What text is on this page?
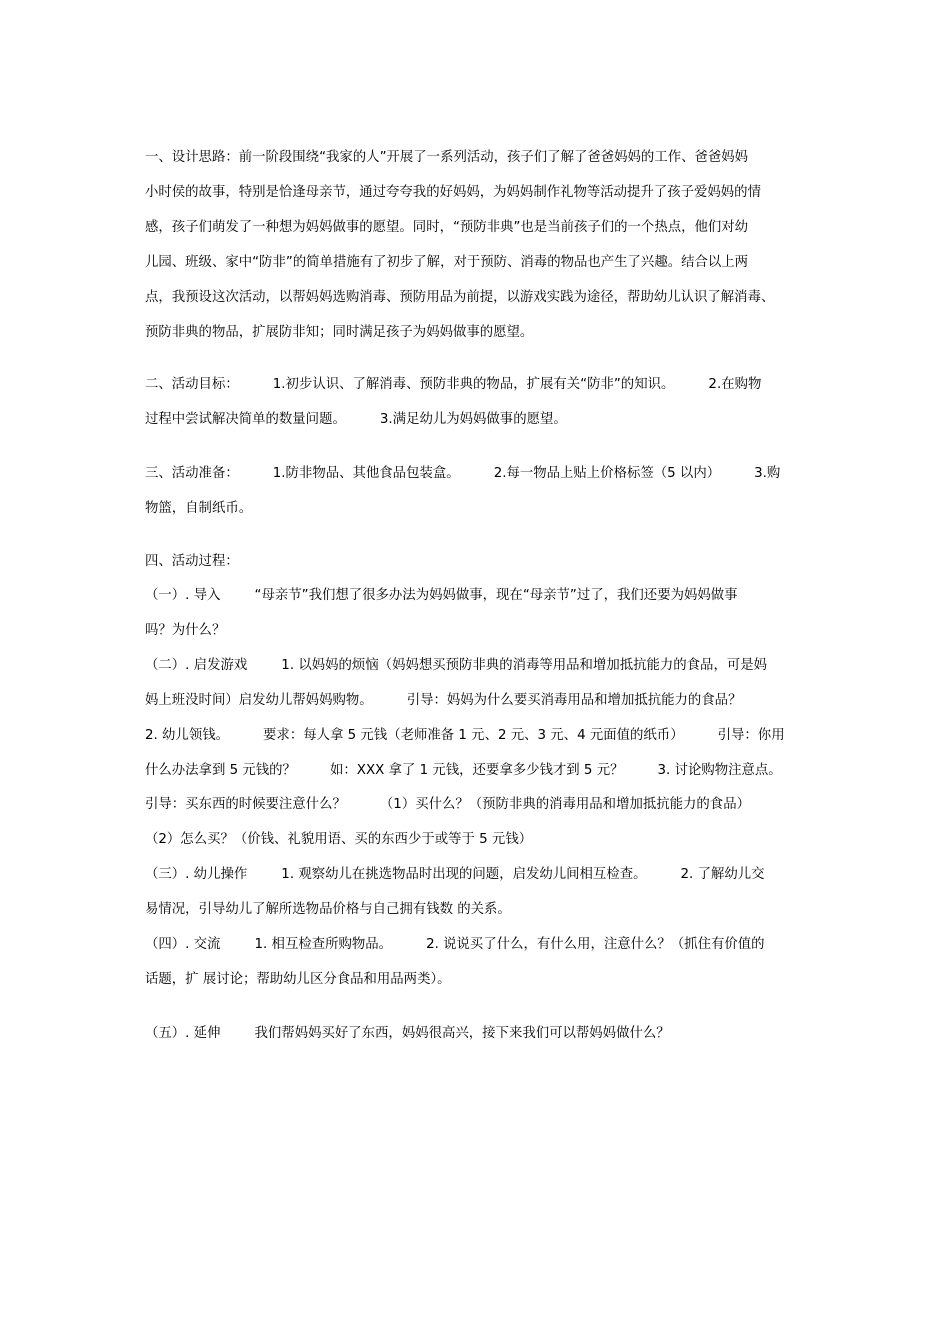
一、设计思路：前一阶段围绕“我家的人”开展了一系列活动，孩子们了解了爸爸妈妈的工作、爸爸妈妈
小时侯的故事，特别是恰逢母亲节，通过夸夸我的好妈妈，为妈妈制作礼物等活动提升了孩子爱妈妈的情
感，孩子们萌发了一种想为妈妈做事的愿望。同时，“预防非典”也是当前孩子们的一个热点，他们对幼
儿园、班级、家中“防非”的简单措施有了初步了解，对于预防、消毒的物品也产生了兴趣。结合以上两
点，我预设这次活动，以帮妈妈选购消毒、预防用品为前提，以游戏实践为途径，帮助幼儿认识了解消毒、
预防非典的物品，扩展防非知；同时满足孩子为妈妈做事的愿望。
二、活动目标：        1.初步认识、了解消毒、预防非典的物品，扩展有关“防非”的知识。        2.在购物
过程中尝试解决简单的数量问题。        3.满足幼儿为妈妈做事的愿望。
三、活动准备：        1.防非物品、其他食品包装盒。        2.每一物品上贴上价格标签（5 以内）        3.购
物篮，自制纸币。
四、活动过程：
（一）. 导入        “母亲节”我们想了很多办法为妈妈做事，现在“母亲节”过了，我们还要为妈妈做事
吗？为什么？
（二）. 启发游戏        1. 以妈妈的烦恼（妈妈想买预防非典的消毒等用品和增加抵抗能力的食品，可是妈
妈上班没时间）启发幼儿帮妈妈购物。        引导：妈妈为什么要买消毒用品和增加抵抗能力的食品？
2. 幼儿领钱。        要求：每人拿 5 元钱（老师准备 1 元、2 元、3 元、4 元面值的纸币）        引导：你用
什么办法拿到 5 元钱的？        如：XXX 拿了 1 元钱，还要拿多少钱才到 5 元？        3. 讨论购物注意点。
引导：买东西的时候要注意什么？        （1）买什么？（预防非典的消毒用品和增加抵抗能力的食品）
（2）怎么买？（价钱、礼貌用语、买的东西少于或等于 5 元钱）
（三）. 幼儿操作        1. 观察幼儿在挑选物品时出现的问题，启发幼儿间相互检查。        2. 了解幼儿交
易情况，引导幼儿了解所选物品价格与自己拥有钱数 的关系。
（四）. 交流        1. 相互检查所购物品。        2. 说说买了什么，有什么用，注意什么？（抓住有价值的
话题，扩 展讨论；帮助幼儿区分食品和用品两类）。
（五）. 延伸        我们帮妈妈买好了东西，妈妈很高兴，接下来我们可以帮妈妈做什么？
